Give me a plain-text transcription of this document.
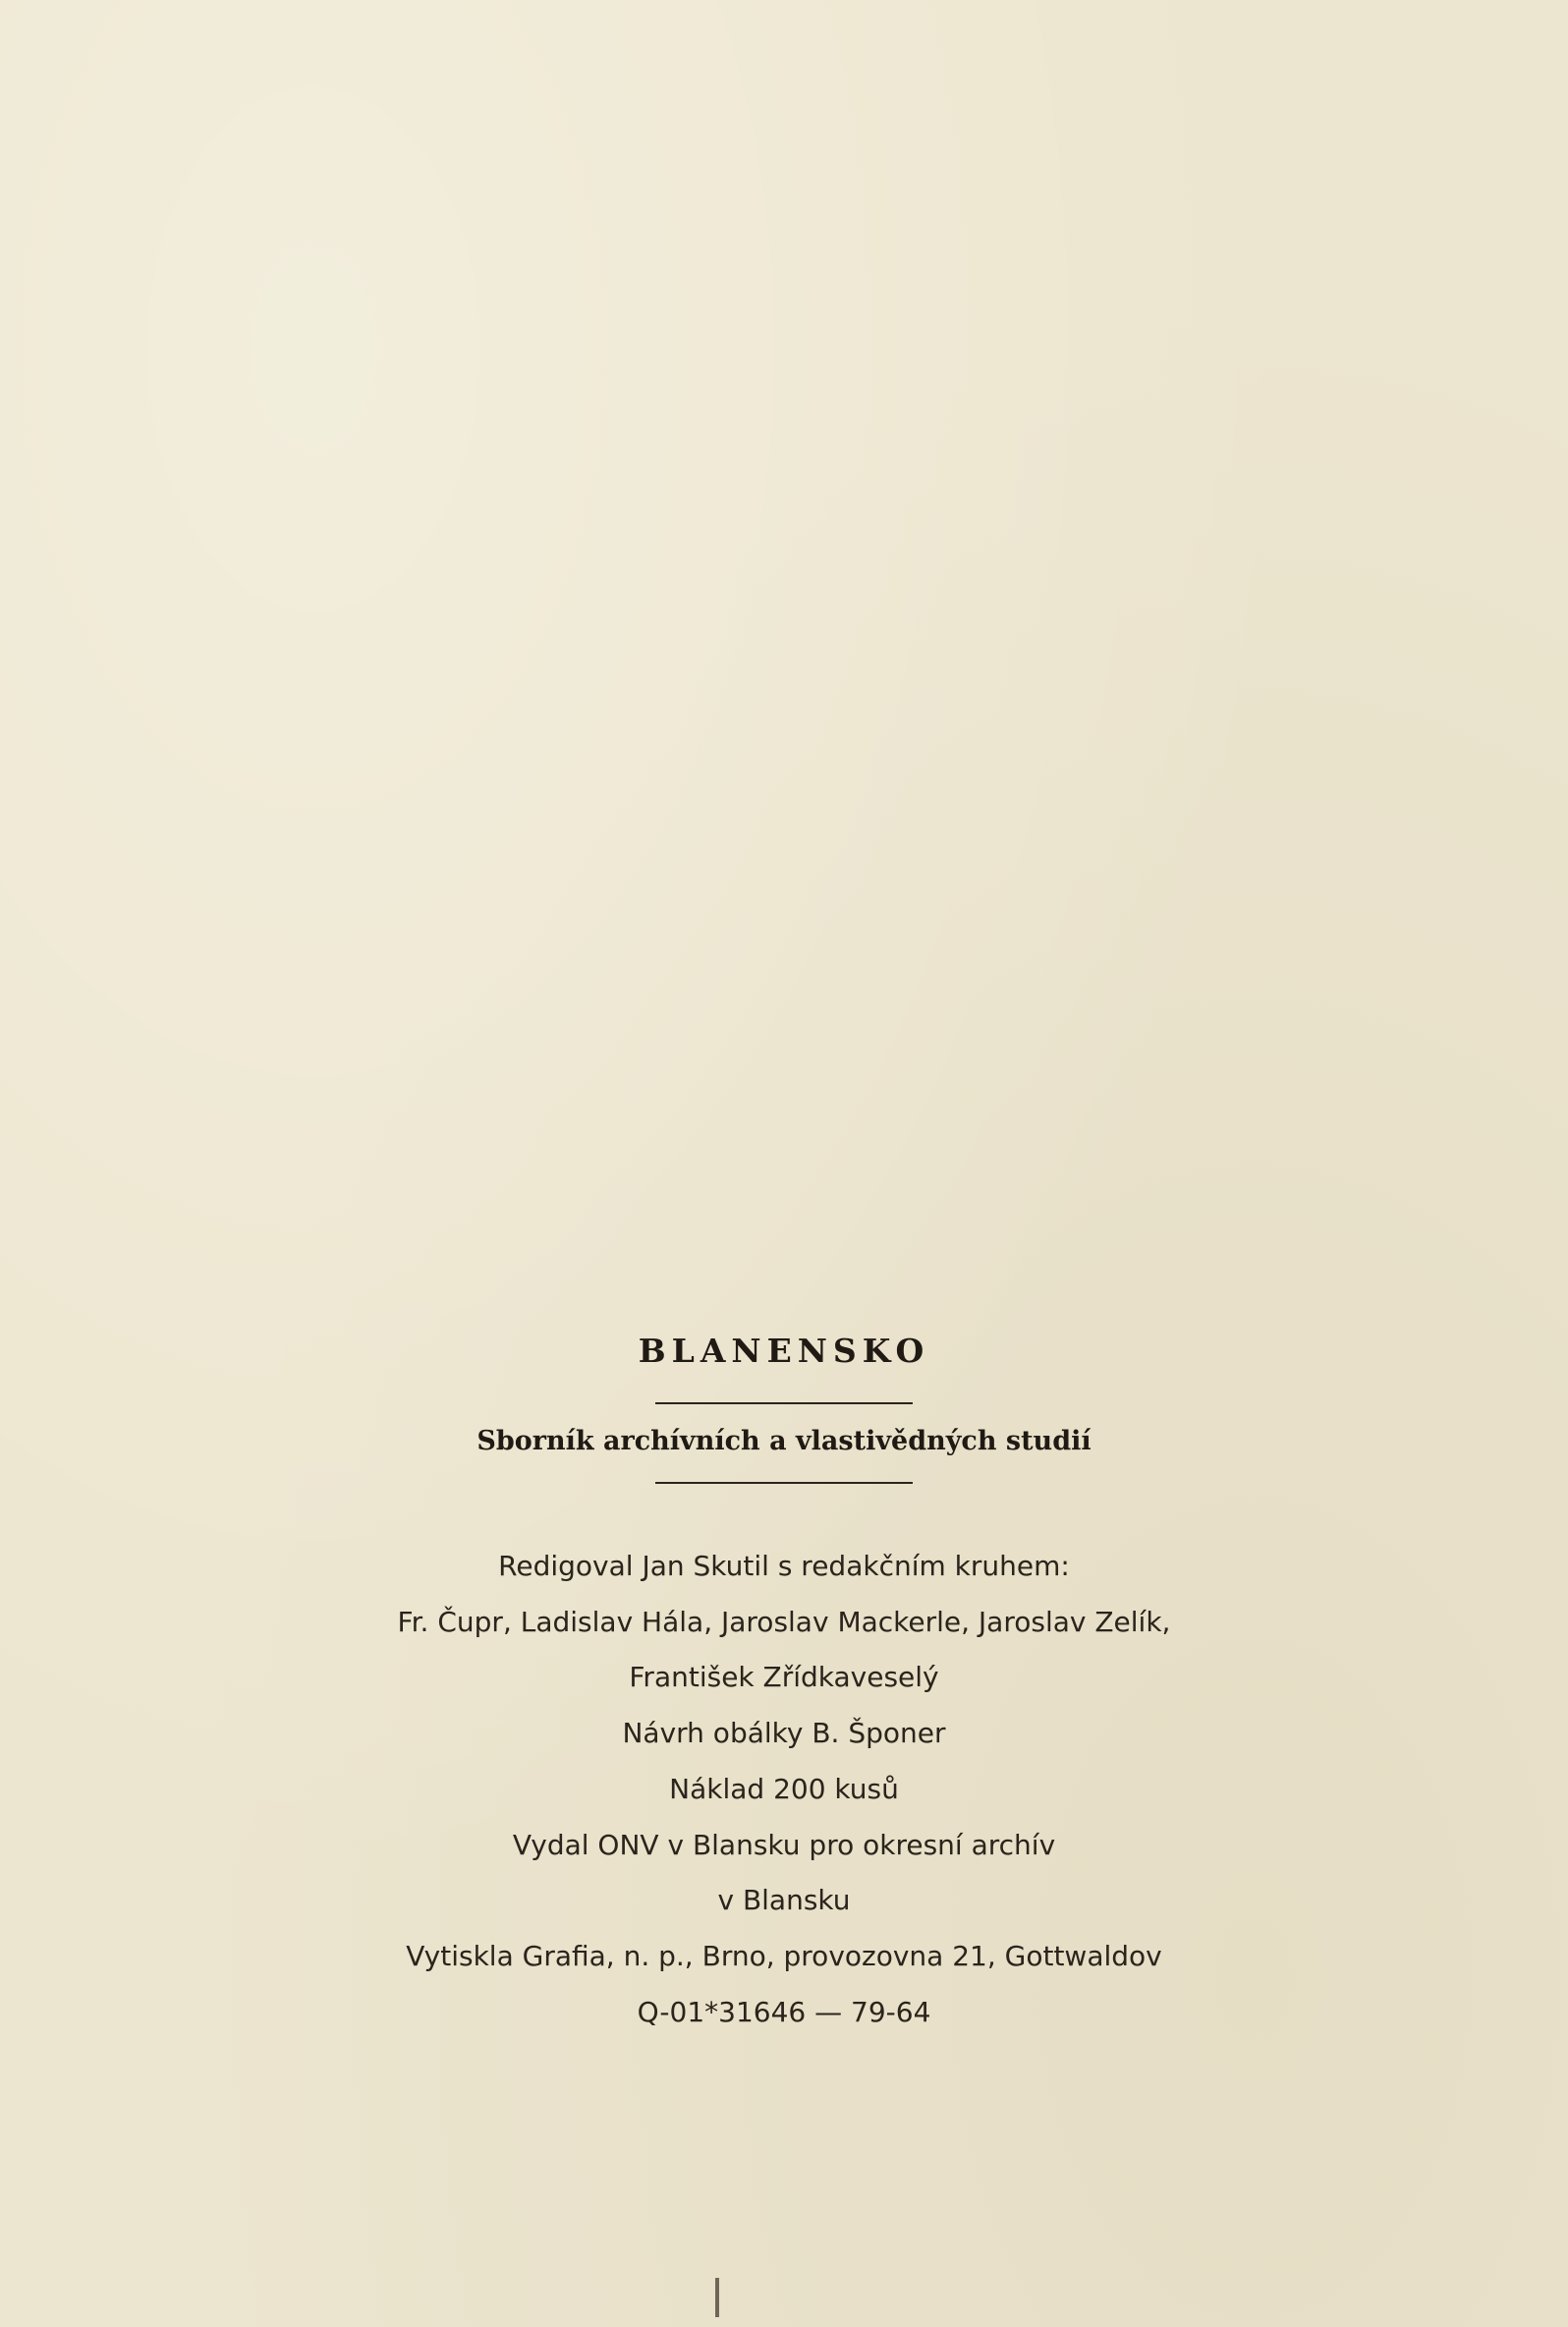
BLANENSKO

Sborník archívních a vlastivědných studií

Redigoval Jan Skutil s redakčním kruhem:
Fr. Čupr, Ladislav Hála, Jaroslav Mackerle, Jaroslav Zelík,
František Zřídkaveselý
Návrh obálky B. Šponer
Náklad 200 kusů
Vydal ONV v Blansku pro okresní archív
v Blansku
Vytiskla Grafia, n. p., Brno, provozovna 21, Gottwaldov
Q-01*31646 — 79-64
